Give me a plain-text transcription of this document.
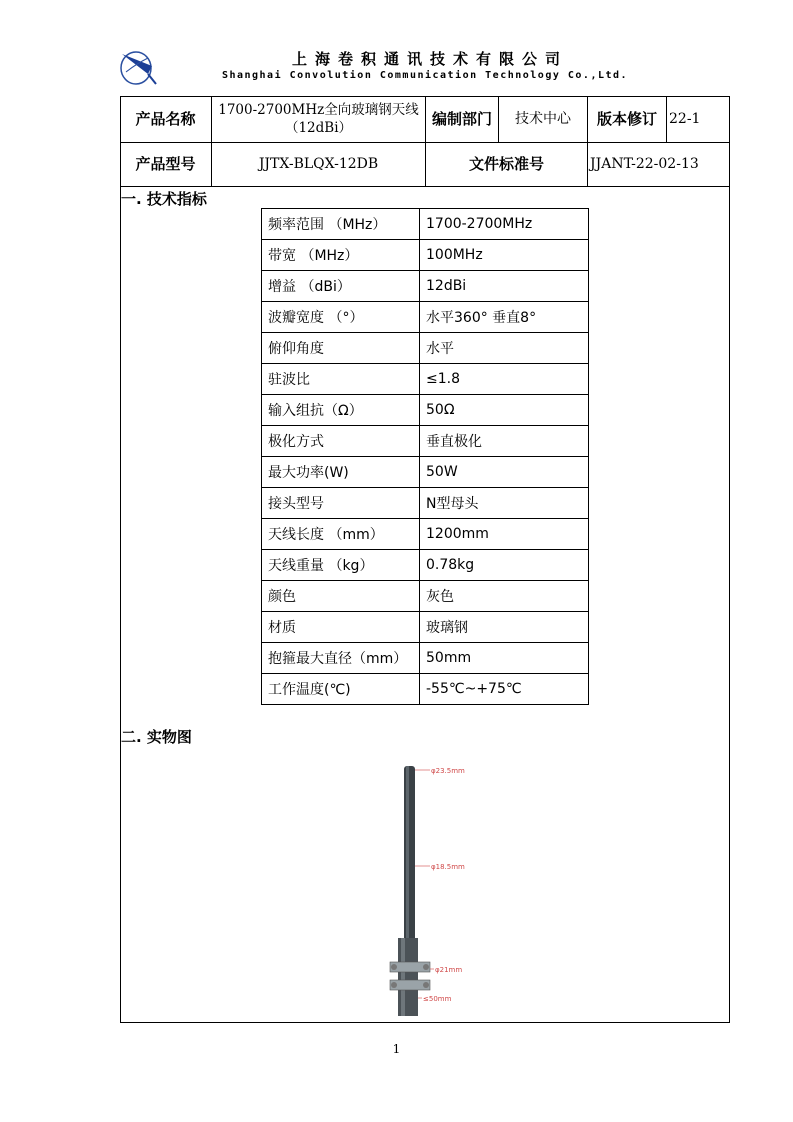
上海卷积通讯技术有限公司
Shanghai Convolution Communication Technology Co.,Ltd.
产品名称	1700-2700MHz全向玻璃钢天线（12dBi）	编制部门	技术中心	版本修订 22-1
产品型号	JJTX-BLQX-12DB	文件标准号	JJANT-22-02-13
一. 技术指标
频率范围 （MHz）	1700-2700MHz
带宽 （MHz）	100MHz
增益 （dBi）	12dBi
波瓣宽度 （°）	水平360° 垂直8°
俯仰角度	水平
驻波比	≤1.8
输入组抗（Ω）	50Ω
极化方式	垂直极化
最大功率(W)	50W
接头型号	N型母头
天线长度 （mm）	1200mm
天线重量 （kg）	0.78kg
颜色	灰色
材质	玻璃钢
抱箍最大直径（mm）	50mm
工作温度(℃)	-55℃~+75℃
二. 实物图
φ23.5mm
φ18.5mm
φ21mm
≤50mm
1
